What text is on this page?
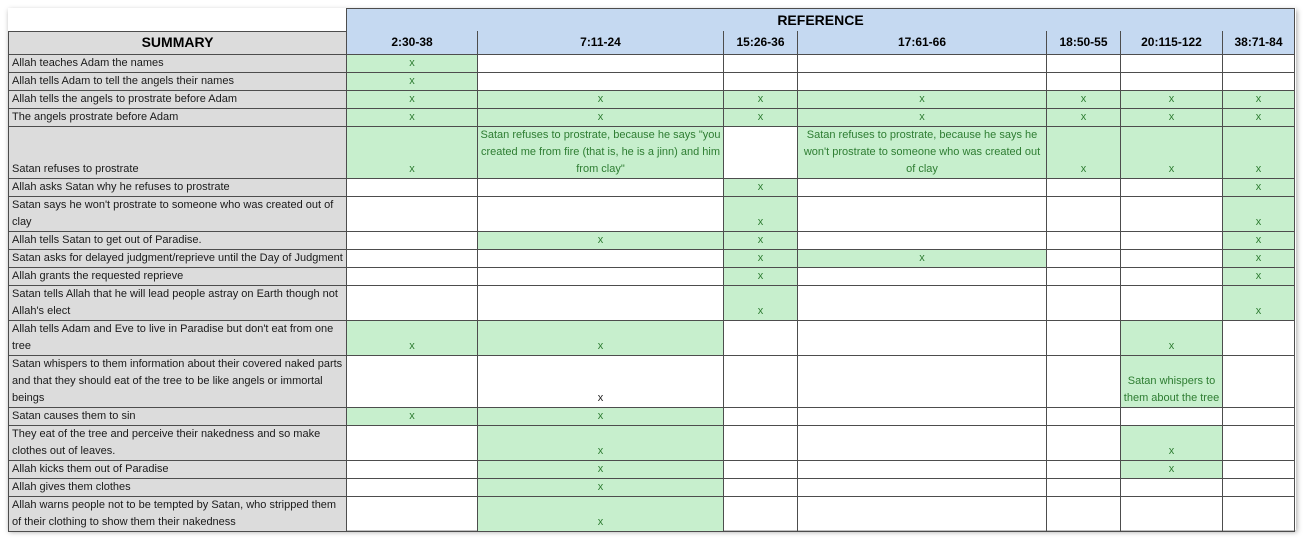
	REFERENCE						
SUMMARY	2:30-38	7:11-24	15:26-36	17:61-66	18:50-55	20:115-122	38:71-84
Allah teaches Adam the names	x						
Allah tells Adam to tell the angels their names	x						
Allah tells the angels to prostrate before Adam	x	x	x	x	x	x	x
The angels prostrate before Adam	x	x	x	x	x	x	x
Satan refuses to prostrate	x	Satan refuses to prostrate, because he says "you created me from fire (that is, he is a jinn) and him from clay"		Satan refuses to prostrate, because he says he won't prostrate to someone who was created out of clay	x	x	x
Allah asks Satan why he refuses to prostrate			x				x
Satan says he won't prostrate to someone who was created out of clay			x				x
Allah tells Satan to get out of Paradise.		x	x				x
Satan asks for delayed judgment/reprieve until the Day of Judgment			x	x			x
Allah grants the requested reprieve			x				x
Satan tells Allah that he will lead people astray on Earth though not Allah's elect			x				x
Allah tells Adam and Eve to live in Paradise but don't eat from one tree	x	x				x	
Satan whispers to them information about their covered naked parts and that they should eat of the tree to be like angels or immortal beings		x				Satan whispers to them about the tree	
Satan causes them to sin	x	x					
They eat of the tree and perceive their nakedness and so make clothes out of leaves.		x				x	
Allah kicks them out of Paradise		x				x	
Allah gives them clothes		x					
Allah warns people not to be tempted by Satan, who stripped them of their clothing to show them their nakedness		x					
